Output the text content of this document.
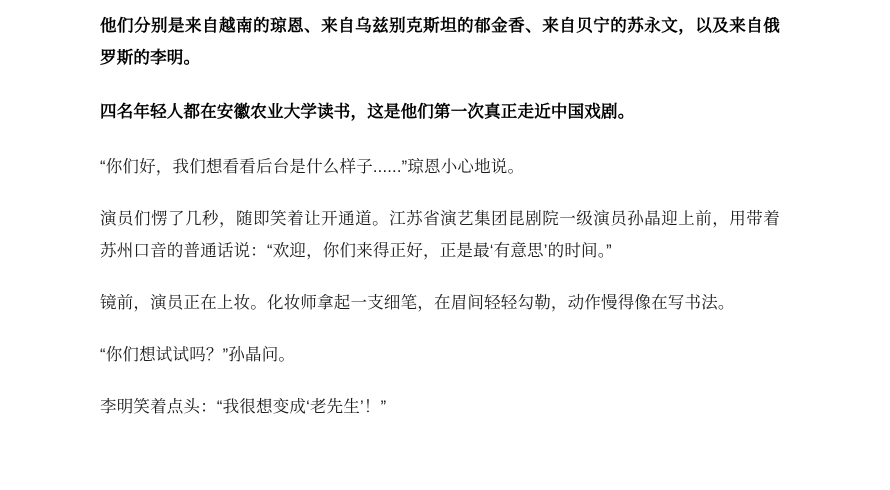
他们分别是来自越南的琼恩、来自乌兹别克斯坦的郁金香、来自贝宁的苏永文，以及来自俄罗斯的李明。

四名年轻人都在安徽农业大学读书，这是他们第一次真正走近中国戏剧。

“你们好，我们想看看后台是什么样子......”琼恩小心地说。

演员们愣了几秒，随即笑着让开通道。江苏省演艺集团昆剧院一级演员孙晶迎上前，用带着苏州口音的普通话说：“欢迎，你们来得正好，正是最‘有意思’的时间。”

镜前，演员正在上妆。化妆师拿起一支细笔，在眉间轻轻勾勒，动作慢得像在写书法。

“你们想试试吗？”孙晶问。

李明笑着点头：“我很想变成‘老先生’！”
